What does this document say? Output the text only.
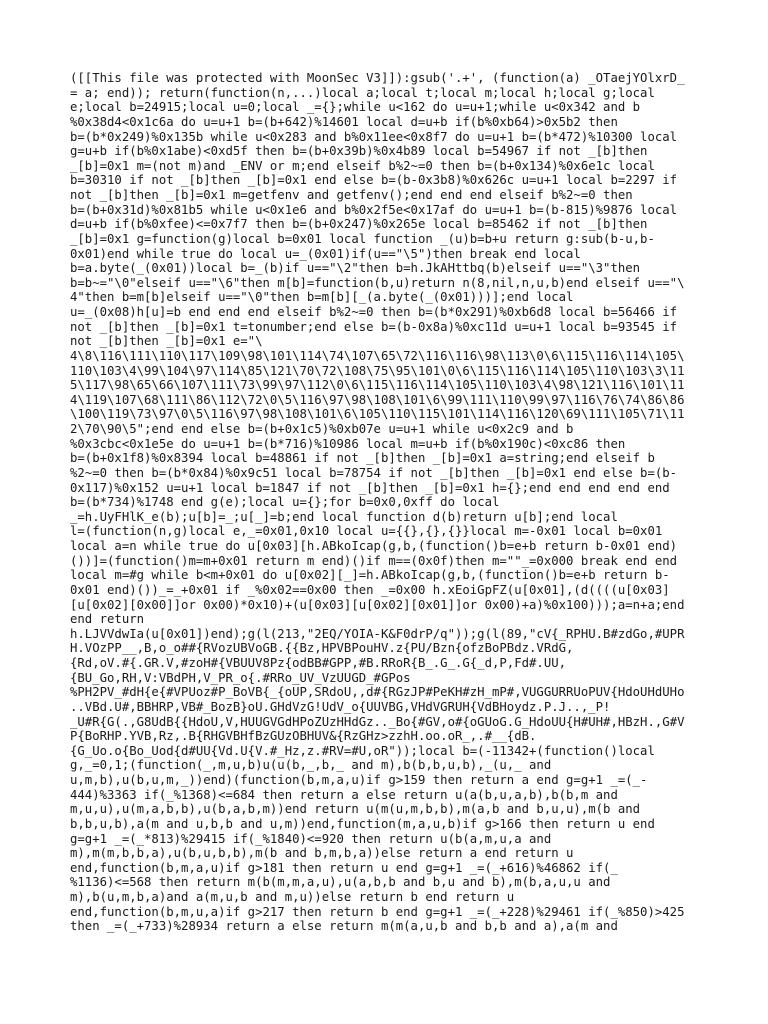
([[This file was protected with MoonSec V3]]):gsub('.+', (function(a) _OTaejYOlxrD_
= a; end)); return(function(n,...)local a;local t;local m;local h;local g;local
e;local b=24915;local u=0;local _={};while u<162 do u=u+1;while u<0x342 and b
%0x38d4<0x1c6a do u=u+1 b=(b+642)%14601 local d=u+b if(b%0xb64)>0x5b2 then
b=(b*0x249)%0x135b while u<0x283 and b%0x11ee<0x8f7 do u=u+1 b=(b*472)%10300 local
g=u+b if(b%0x1abe)<0xd5f then b=(b+0x39b)%0x4b89 local b=54967 if not _[b]then
_[b]=0x1 m=(not m)and _ENV or m;end elseif b%2~=0 then b=(b+0x134)%0x6e1c local
b=30310 if not _[b]then _[b]=0x1 end else b=(b-0x3b8)%0x626c u=u+1 local b=2297 if
not _[b]then _[b]=0x1 m=getfenv and getfenv();end end end elseif b%2~=0 then
b=(b+0x31d)%0x81b5 while u<0x1e6 and b%0x2f5e<0x17af do u=u+1 b=(b-815)%9876 local
d=u+b if(b%0xfee)<=0x7f7 then b=(b+0x247)%0x265e local b=85462 if not _[b]then
_[b]=0x1 g=function(g)local b=0x01 local function _(u)b=b+u return g:sub(b-u,b-
0x01)end while true do local u=_(0x01)if(u=="\5")then break end local
b=a.byte(_(0x01))local b=_(b)if u=="\2"then b=h.JkAHttbq(b)elseif u=="\3"then
b=b~="\0"elseif u=="\6"then m[b]=function(b,u)return n(8,nil,n,u,b)end elseif u=="\
4"then b=m[b]elseif u=="\0"then b=m[b][_(a.byte(_(0x01)))];end local
u=_(0x08)h[u]=b end end end elseif b%2~=0 then b=(b*0x291)%0xb6d8 local b=56466 if
not _[b]then _[b]=0x1 t=tonumber;end else b=(b-0x8a)%0xc11d u=u+1 local b=93545 if
not _[b]then _[b]=0x1 e="\
4\8\116\111\110\117\109\98\101\114\74\107\65\72\116\116\98\113\0\6\115\116\114\105\
110\103\4\99\104\97\114\85\121\70\72\108\75\95\101\0\6\115\116\114\105\110\103\3\11
5\117\98\65\66\107\111\73\99\97\112\0\6\115\116\114\105\110\103\4\98\121\116\101\11
4\119\107\68\111\86\112\72\0\5\116\97\98\108\101\6\99\111\110\99\97\116\76\74\86\86
\100\119\73\97\0\5\116\97\98\108\101\6\105\110\115\101\114\116\120\69\111\105\71\11
2\70\90\5";end end else b=(b+0x1c5)%0xb07e u=u+1 while u<0x2c9 and b
%0x3cbc<0x1e5e do u=u+1 b=(b*716)%10986 local m=u+b if(b%0x190c)<0xc86 then
b=(b+0x1f8)%0x8394 local b=48861 if not _[b]then _[b]=0x1 a=string;end elseif b
%2~=0 then b=(b*0x84)%0x9c51 local b=78754 if not _[b]then _[b]=0x1 end else b=(b-
0x117)%0x152 u=u+1 local b=1847 if not _[b]then _[b]=0x1 h={};end end end end end
b=(b*734)%1748 end g(e);local u={};for b=0x0,0xff do local
_=h.UyFHlK_e(b);u[b]=_;u[_]=b;end local function d(b)return u[b];end local
l=(function(n,g)local e,_=0x01,0x10 local u={{},{},{}}local m=-0x01 local b=0x01
local a=n while true do u[0x03][h.ABkoIcap(g,b,(function()b=e+b return b-0x01 end)
())]=(function()m=m+0x01 return m end)()if m==(0x0f)then m=""_=0x000 break end end
local m=#g while b<m+0x01 do u[0x02][_]=h.ABkoIcap(g,b,(function()b=e+b return b-
0x01 end)())_=_+0x01 if _%0x02==0x00 then _=0x00 h.xEoiGpFZ(u[0x01],(d((((u[0x03]
[u[0x02][0x00]]or 0x00)*0x10)+(u[0x03][u[0x02][0x01]]or 0x00)+a)%0x100)));a=n+a;end
end return
h.LJVVdwIa(u[0x01])end);g(l(213,"2EQ/YOIA-K&F0drP/q"));g(l(89,"cV{_RPHU.B#zdGo,#UPR
H.VOzPP__,B,o_o##{RVozUBVoGB.{{Bz,HPVBPouHV.z{PU/Bzn{ofzBoPBdz.VRdG,
{Rd,oV.#{.GR.V,#zoH#{VBUUV8Pz{odBB#GPP,#B.RRoR{B_.G_.G{_d,P,Fd#.UU,
{BU_Go,RH,V:VBdPH,V_PR_o{.#RRo_UV_VzUUGD_#GPos
%PH2PV_#dH{e{#VPUoz#P_BoVB{_{oUP,SRdoU,,d#{RGzJP#PeKH#zH_mP#,VUGGURRUoPUV{HdoUHdUHo
..VBd.U#,BBHRP,VB#_BozB}oU.GHdVzG!UdV_o{UUVBG,VHdVGRUH{VdBHoydz.P.J..,_P!
_U#R{G(.,G8UdB{{HdoU,V,HUUGVGdHPoZUzHHdGz.._Bo{#GV,o#{oGUoG.G_HdoUU{H#UH#,HBzH.,G#V
P{BoRHP.YVB,Rz,.B{RHGVBHfBzGUzOBHUV&{RzGHz>zzhH.oo.oR_,.#__{dB.
{G_Uo.o{Bo_Uod{d#UU{Vd.U{V.#_Hz,z.#RV=#U,oR"));local b=(-11342+(function()local
g,_=0,1;(function(_,m,u,b)u(u(b,_,b,_ and m),b(b,b,u,b),_(u,_ and
u,m,b),u(b,u,m,_))end)(function(b,m,a,u)if g>159 then return a end g=g+1 _=(_-
444)%3363 if(_%1368)<=684 then return a else return u(a(b,u,a,b),b(b,m and
m,u,u),u(m,a,b,b),u(b,a,b,m))end return u(m(u,m,b,b),m(a,b and b,u,u),m(b and
b,b,u,b),a(m and u,b,b and u,m))end,function(m,a,u,b)if g>166 then return u end
g=g+1 _=(_*813)%29415 if(_%1840)<=920 then return u(b(a,m,u,a and
m),m(m,b,b,a),u(b,u,b,b),m(b and b,m,b,a))else return a end return u
end,function(b,m,a,u)if g>181 then return u end g=g+1 _=(_+616)%46862 if(_
%1136)<=568 then return m(b(m,m,a,u),u(a,b,b and b,u and b),m(b,a,u,u and
m),b(u,m,b,a)and a(m,u,b and m,u))else return b end return u
end,function(b,m,u,a)if g>217 then return b end g=g+1 _=(_+228)%29461 if(_%850)>425
then _=(_+733)%28934 return a else return m(m(a,u,b and b,b and a),a(m and
